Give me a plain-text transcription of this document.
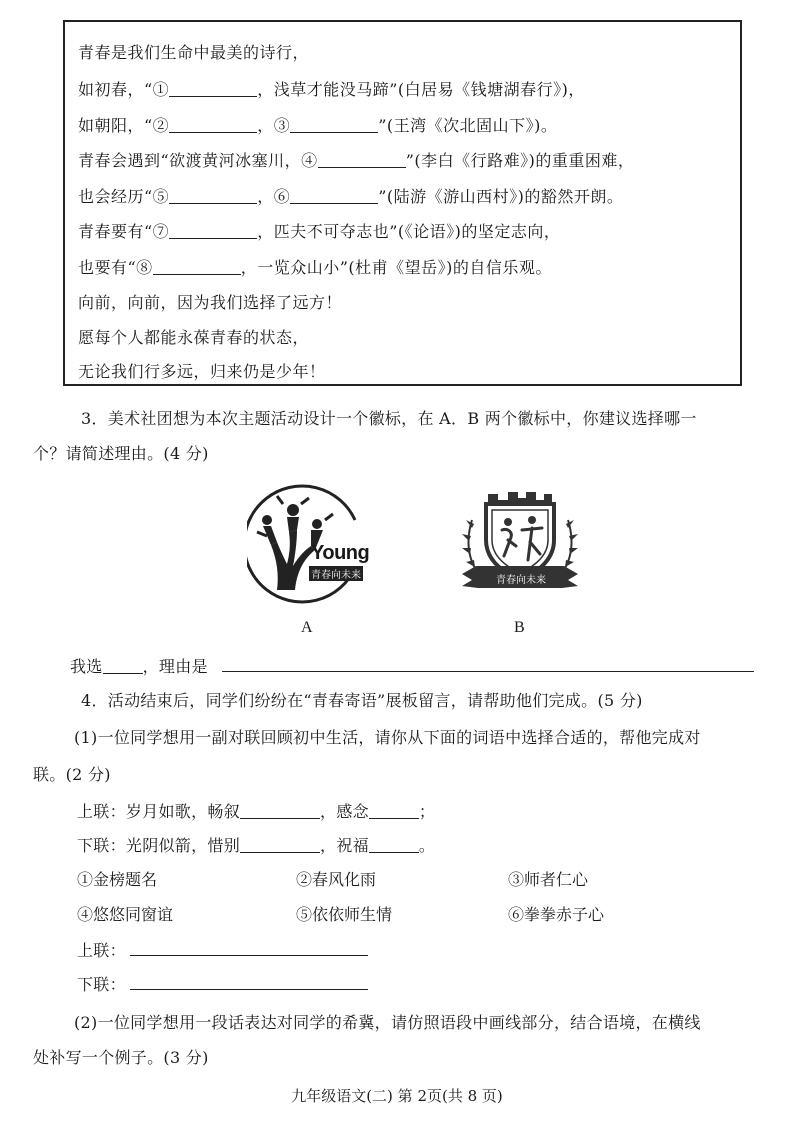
青春是我们生命中最美的诗行，
如初春，“①	，浅草才能没马蹄”(白居易《钱塘湖春行》)，
如朝阳，“②	，③	”(王湾《次北固山下》)。
青春会遇到“欲渡黄河冰塞川，④	”(李白《行路难》)的重重困难，
也会经历“⑤	，⑥	”(陆游《游山西村》)的豁然开朗。
青春要有“⑦	，匹夫不可夺志也”(《论语》)的坚定志向，
也要有“⑧	，一览众山小”(杜甫《望岳》)的自信乐观。
向前，向前，因为我们选择了远方！
愿每个人都能永葆青春的状态，
无论我们行多远，归来仍是少年！
3．美术社团想为本次主题活动设计一个徽标，在 A．B 两个徽标中，你建议选择哪一
个？请简述理由。(4 分)
Young
青春向未来
A
青春向未来
B
我选	，理由是
4．活动结束后，同学们纷纷在“青春寄语”展板留言，请帮助他们完成。(5 分)
(1)一位同学想用一副对联回顾初中生活，请你从下面的词语中选择合适的，帮他完成对
联。(2 分)
上联：岁月如歌，畅叙	，感念	；
下联：光阴似箭，惜别	，祝福	。
①金榜题名	②春风化雨	③师者仁心
④悠悠同窗谊	⑤依依师生情	⑥拳拳赤子心
上联：
下联：
(2)一位同学想用一段话表达对同学的希冀，请仿照语段中画线部分，结合语境，在横线
处补写一个例子。(3 分)
九年级语文(二) 第 2页(共 8 页)
